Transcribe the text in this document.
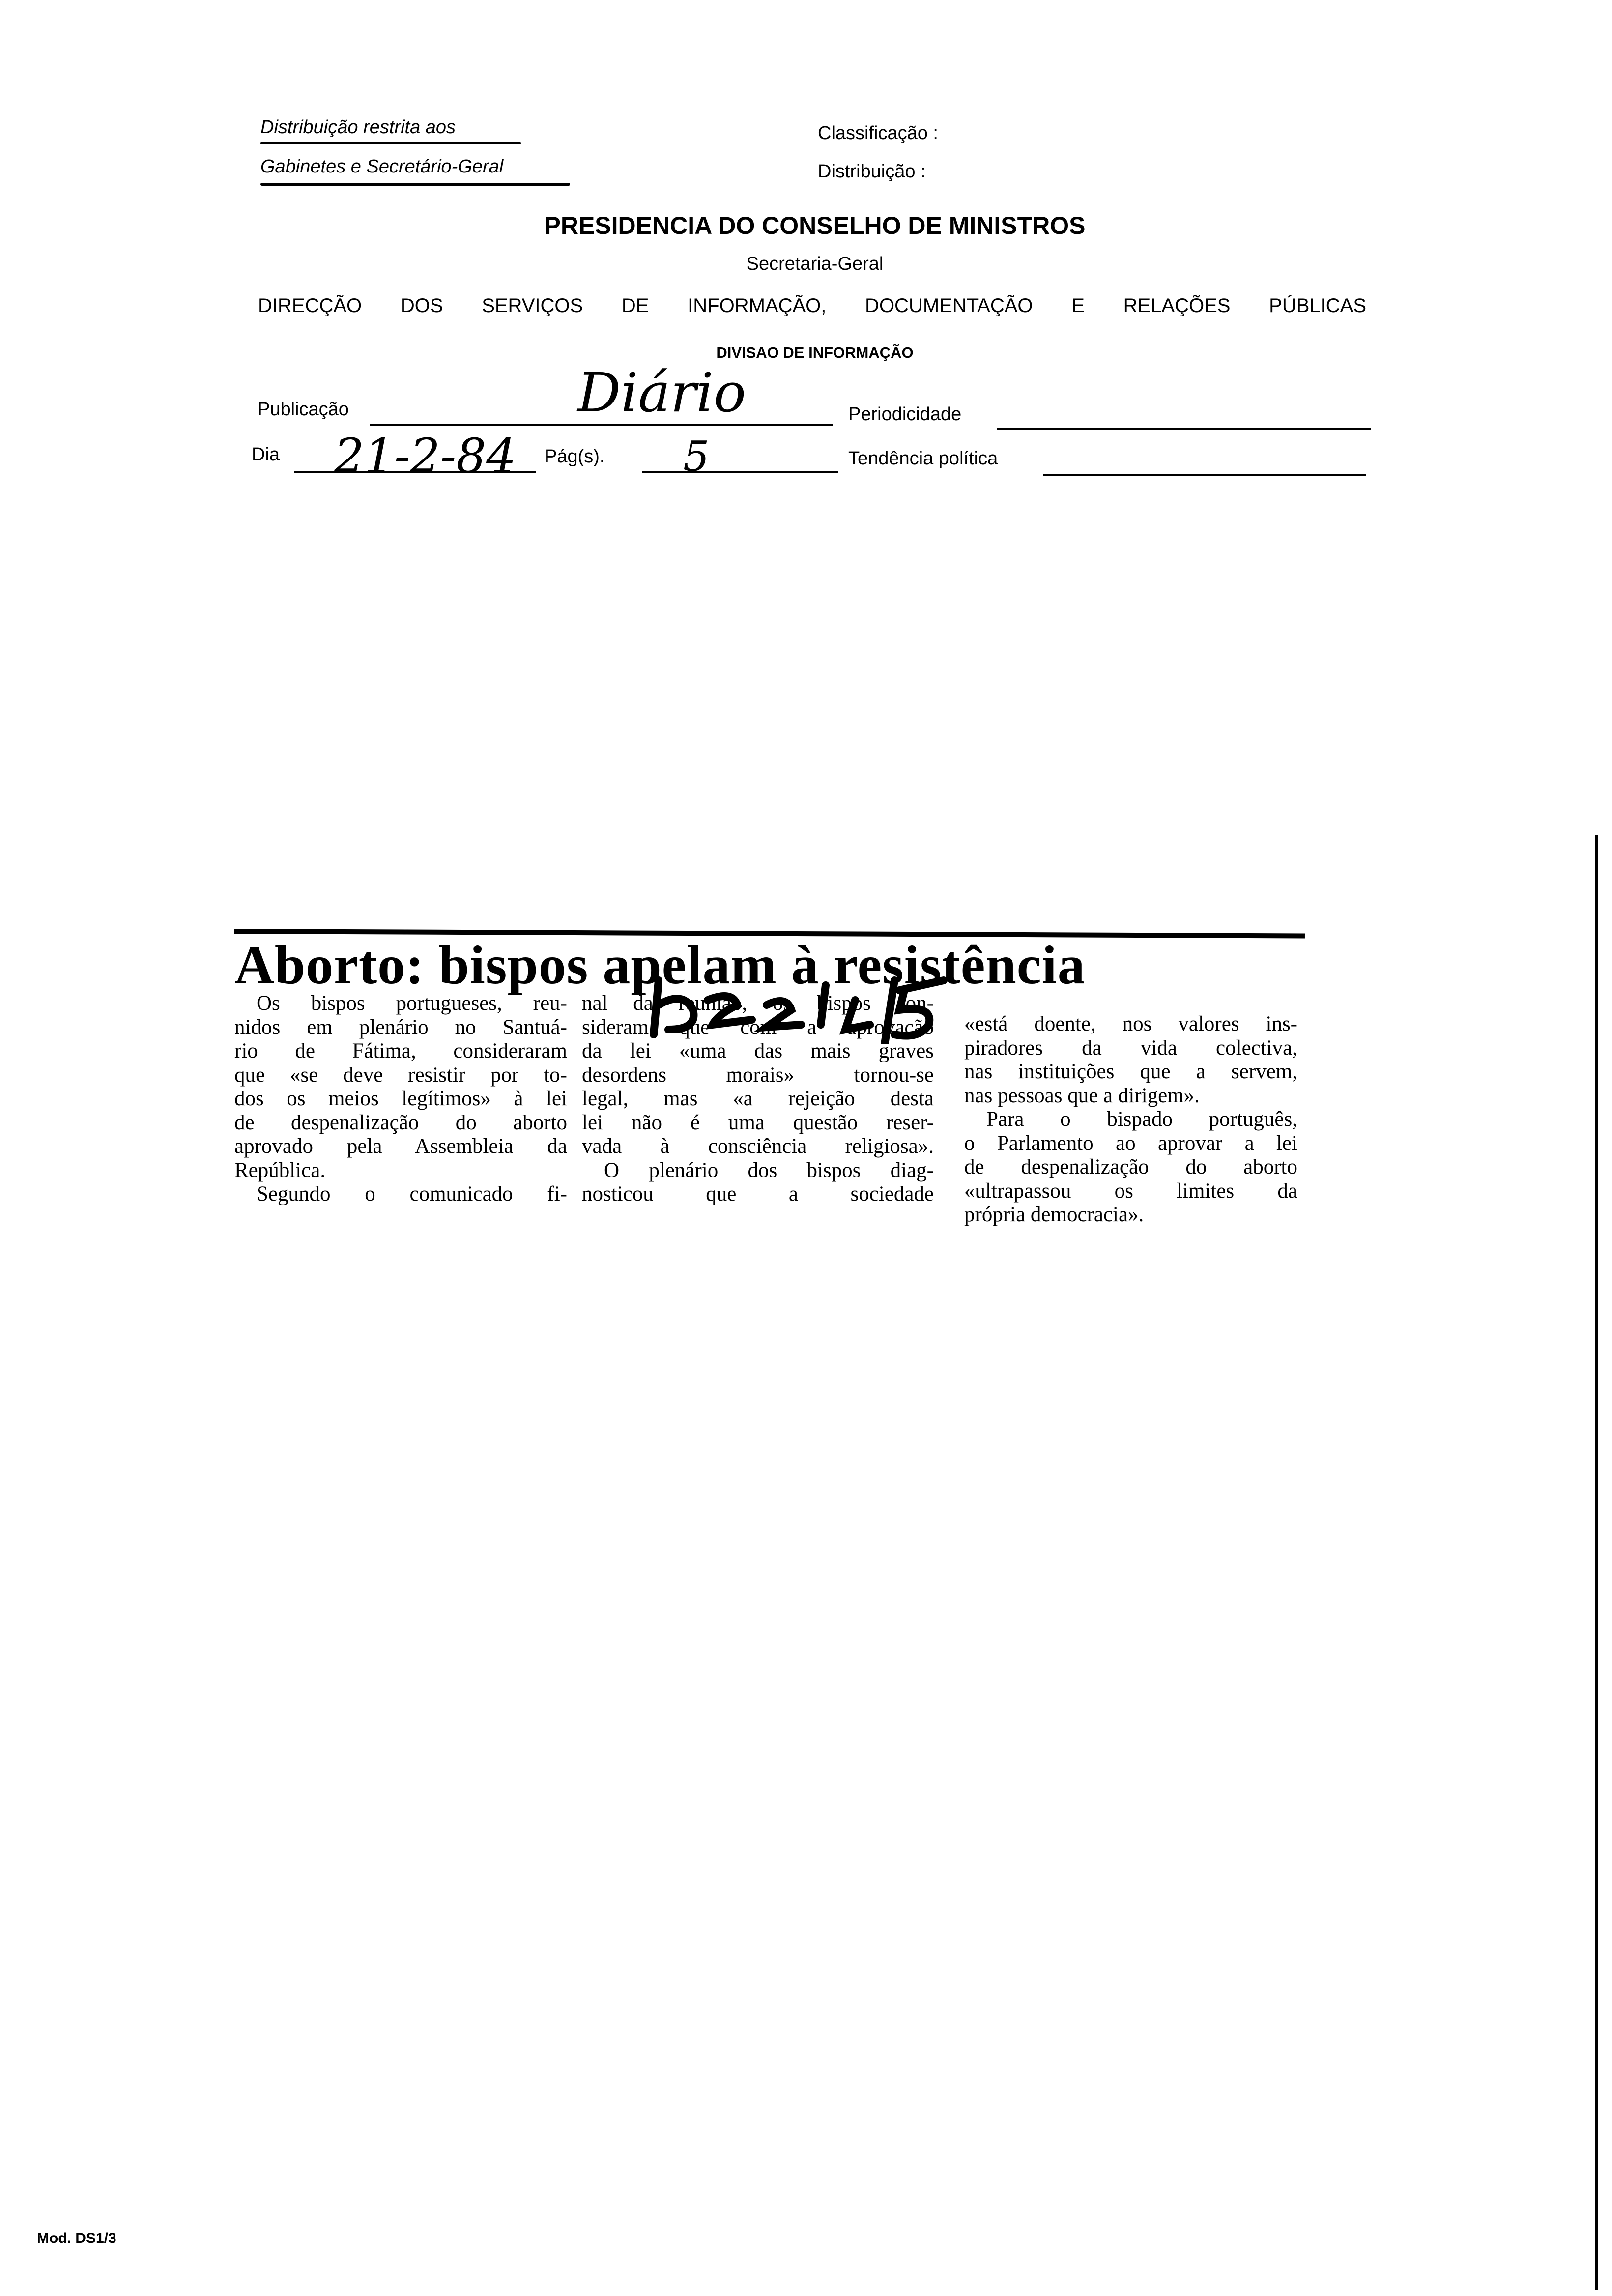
Distribuição restrita aos
Gabinetes e Secretário-Geral
Classificação :
Distribuição :
PRESIDENCIA DO CONSELHO DE MINISTROS
Secretaria-Geral
DIRECÇÃO DOS SERVIÇOS DE INFORMAÇÃO, DOCUMENTAÇÃO E RELAÇÕES PÚBLICAS
DIVISAO DE INFORMAÇÃO
Publicação	Diário	Periodicidade
Dia 21-2-84 Pág(s). 5	Tendência política
Aborto: bispos apelam à resistência
Os bispos portugueses, reu-
nidos em plenário no Santuá-
rio de Fátima, consideraram
que «se deve resistir por to-
dos os meios legítimos» à lei
de despenalização do aborto
aprovado pela Assembleia da
República.
Segundo o comunicado fi-
nal da reunião, os bispos con-
sideram que com a aprovação
da lei «uma das mais graves
desordens morais» tornou-se
legal, mas «a rejeição desta
lei não é uma questão reser-
vada à consciência religiosa».
O plenário dos bispos diag-
nosticou que a sociedade
«está doente, nos valores ins-
piradores da vida colectiva,
nas instituições que a servem,
nas pessoas que a dirigem».
Para o bispado português,
o Parlamento ao aprovar a lei
de despenalização do aborto
«ultrapassou os limites da
própria democracia».
Mod. DS1/3
